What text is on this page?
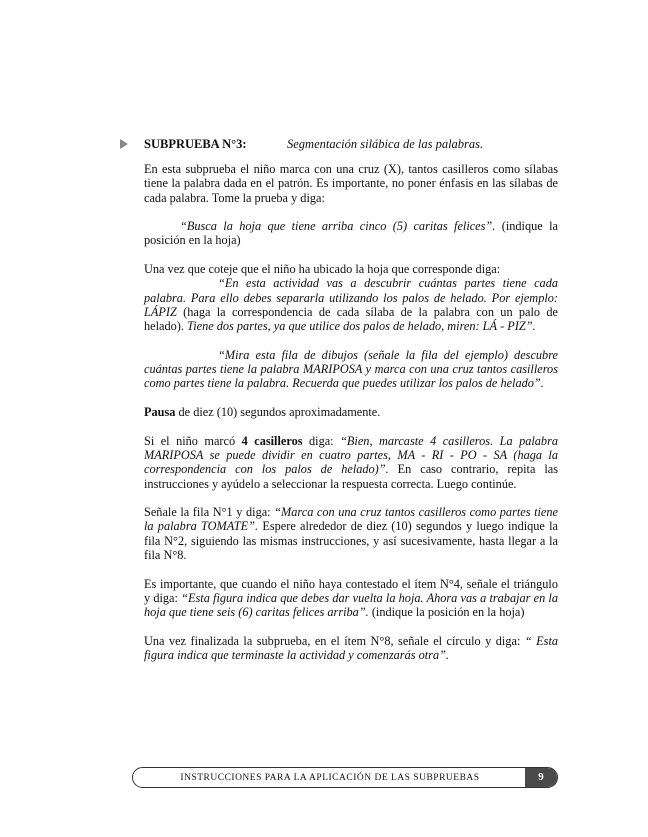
SUBPRUEBA N°3:	Segmentación silábica de las palabras.

En esta subprueba el niño marca con una cruz (X), tantos casilleros como sílabas tiene la palabra dada en el patrón. Es importante, no poner énfasis en las sílabas de cada palabra. Tome la prueba y diga:

“Busca la hoja que tiene arriba cinco (5) caritas felices”. (indique la posición en la hoja)

Una vez que coteje que el niño ha ubicado la hoja que corresponde diga:

“En esta actividad vas a descubrir cuántas partes tiene cada palabra. Para ello debes separarla utilizando los palos de helado. Por ejemplo: LÁPIZ (haga la correspondencia de cada sílaba de la palabra con un palo de helado). Tiene dos partes, ya que utilice dos palos de helado, miren: LÁ - PIZ”.

“Mira esta fila de dibujos (señale la fila del ejemplo) descubre cuántas partes tiene la palabra MARIPOSA y marca con una cruz tantos casilleros como partes tiene la palabra. Recuerda que puedes utilizar los palos de helado”.

Pausa de diez (10) segundos aproximadamente.

Si el niño marcó 4 casilleros diga: “Bien, marcaste 4 casilleros. La palabra MARIPOSA se puede dividir en cuatro partes, MA - RI - PO - SA (haga la correspondencia con los palos de helado)”. En caso contrario, repita las instrucciones y ayúdelo a seleccionar la respuesta correcta. Luego continúe.

Señale la fila N°1 y diga: “Marca con una cruz tantos casilleros como partes tiene la palabra TOMATE”. Espere alrededor de diez (10) segundos y luego indique la fila N°2, siguiendo las mismas instrucciones, y así sucesivamente, hasta llegar a la fila N°8.

Es importante, que cuando el niño haya contestado el ítem N°4, señale el triángulo y diga: “Esta figura indica que debes dar vuelta la hoja. Ahora vas a trabajar en la hoja que tiene seis (6) caritas felices arriba”. (indique la posición en la hoja)

Una vez finalizada la subprueba, en el ítem N°8, señale el círculo y diga: “ Esta figura indica que terminaste la actividad y comenzarás otra”.

INSTRUCCIONES PARA LA APLICACIÓN DE LAS SUBPRUEBAS	9
